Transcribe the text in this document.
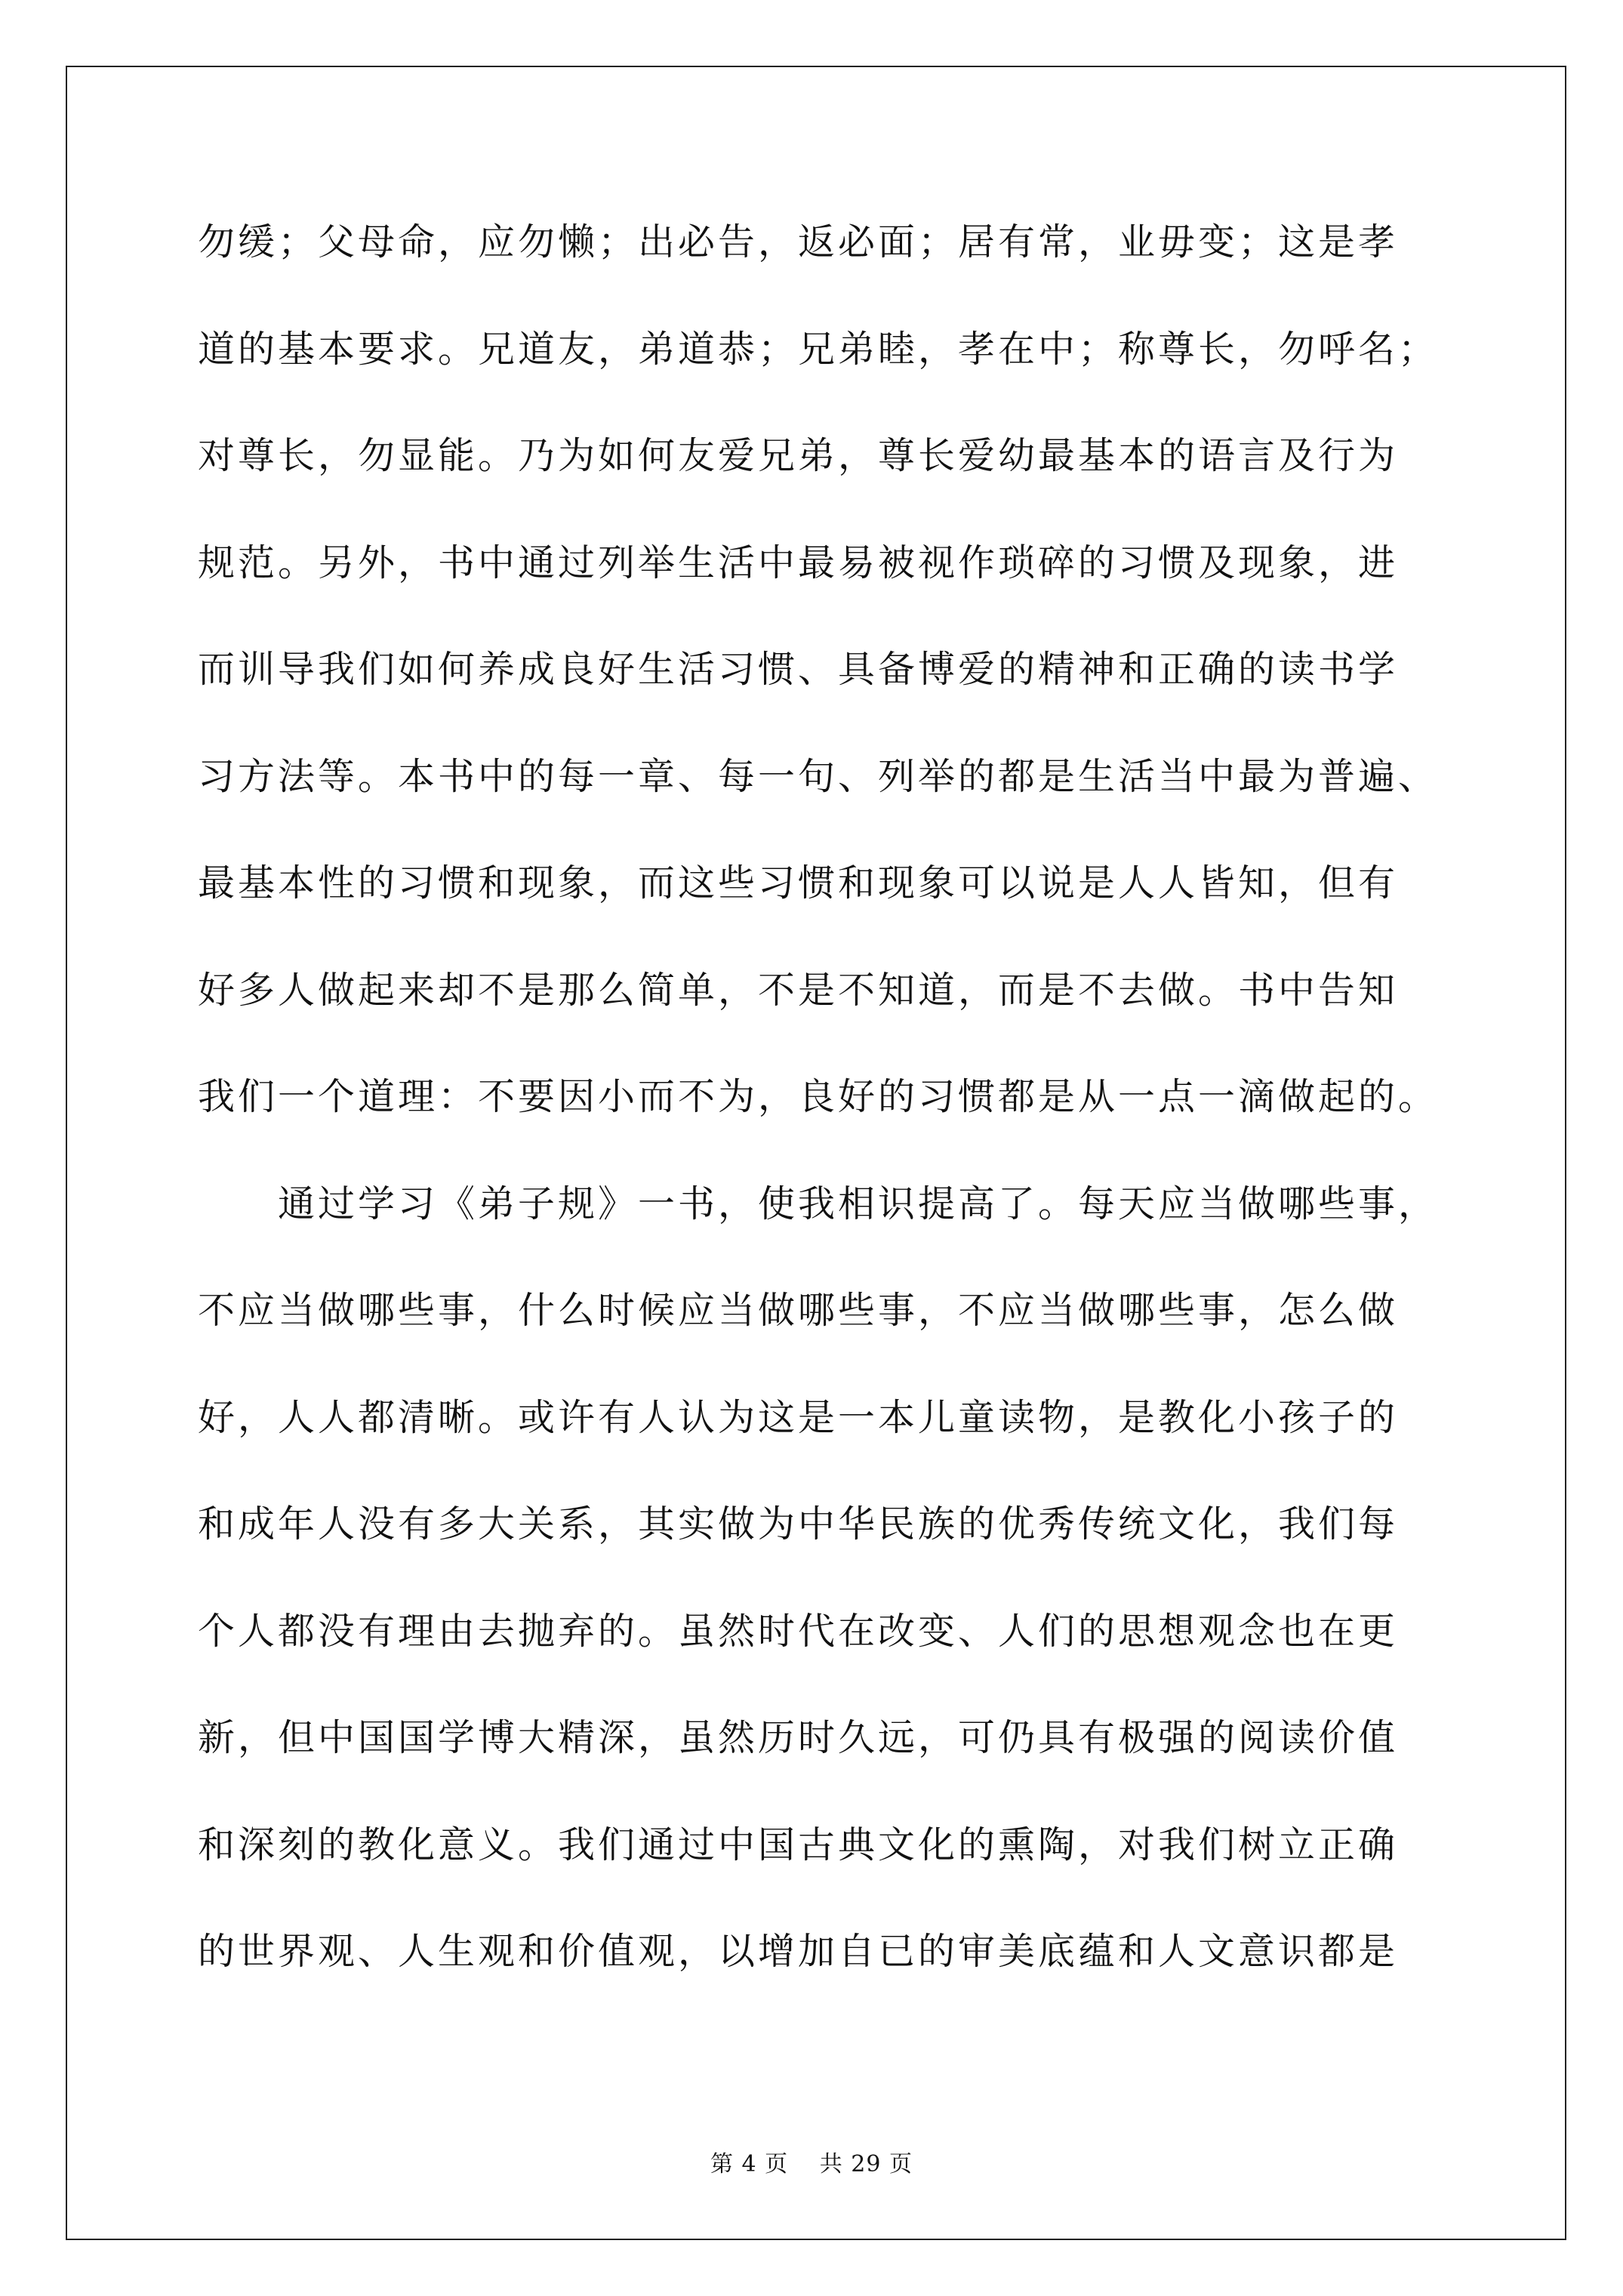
勿缓；父母命，应勿懒；出必告，返必面；居有常，业毋变；这是孝
道的基本要求。兄道友，弟道恭；兄弟睦，孝在中；称尊长，勿呼名；
对尊长，勿显能。乃为如何友爱兄弟，尊长爱幼最基本的语言及行为
规范。另外，书中通过列举生活中最易被视作琐碎的习惯及现象，进
而训导我们如何养成良好生活习惯、具备博爱的精神和正确的读书学
习方法等。本书中的每一章、每一句、列举的都是生活当中最为普遍、
最基本性的习惯和现象，而这些习惯和现象可以说是人人皆知，但有
好多人做起来却不是那么简单，不是不知道，而是不去做。书中告知
我们一个道理：不要因小而不为，良好的习惯都是从一点一滴做起的。
通过学习《弟子规》一书，使我相识提高了。每天应当做哪些事，
不应当做哪些事，什么时候应当做哪些事，不应当做哪些事，怎么做
好，人人都清晰。或许有人认为这是一本儿童读物，是教化小孩子的
和成年人没有多大关系，其实做为中华民族的优秀传统文化，我们每
个人都没有理由去抛弃的。虽然时代在改变、人们的思想观念也在更
新，但中国国学博大精深，虽然历时久远，可仍具有极强的阅读价值
和深刻的教化意义。我们通过中国古典文化的熏陶，对我们树立正确
的世界观、人生观和价值观，以增加自已的审美底蕴和人文意识都是
第 4 页　 共 29 页
